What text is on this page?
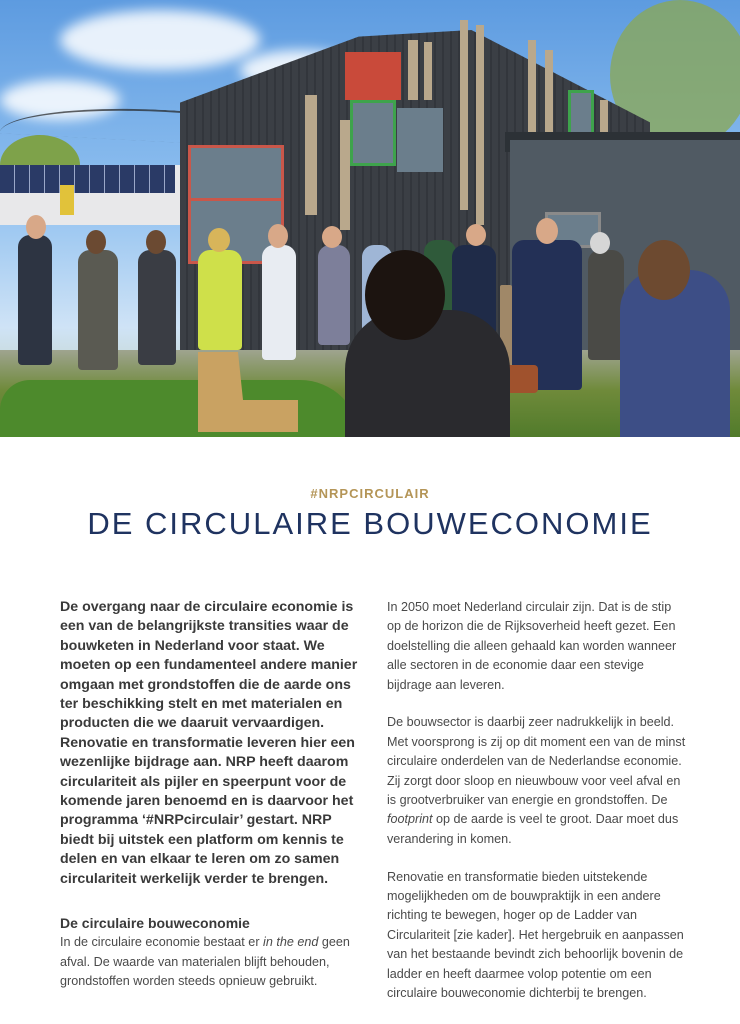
#NRPCIRCULAIR
DE CIRCULAIRE BOUWECONOMIE

De overgang naar de circulaire economie is een van de belangrijkste transities waar de bouwketen in Nederland voor staat. We moeten op een fundamenteel andere manier omgaan met grondstoffen die de aarde ons ter beschikking stelt en met materialen en producten die we daaruit vervaardigen. Renovatie en transformatie leveren hier een wezenlijke bijdrage aan. NRP heeft daarom circulariteit als pijler en speerpunt voor de komende jaren benoemd en is daarvoor het programma ‘#NRPcirculair’ gestart. NRP biedt bij uitstek een platform om kennis te delen en van elkaar te leren om zo samen circulariteit werkelijk verder te brengen.

De circulaire bouweconomie

In de circulaire economie bestaat er in the end geen afval. De waarde van materialen blijft behouden, grondstoffen worden steeds opnieuw gebruikt.

In 2050 moet Nederland circulair zijn. Dat is de stip op de horizon die de Rijksoverheid heeft gezet. Een doelstelling die alleen gehaald kan worden wanneer alle sectoren in de economie daar een stevige bijdrage aan leveren.

De bouwsector is daarbij zeer nadrukkelijk in beeld. Met voorsprong is zij op dit moment een van de minst circulaire onderdelen van de Nederlandse economie. Zij zorgt door sloop en nieuwbouw voor veel afval en is grootverbruiker van energie en grondstoffen. De footprint op de aarde is veel te groot. Daar moet dus verandering in komen.

Renovatie en transformatie bieden uitstekende mogelijkheden om de bouwpraktijk in een andere richting te bewegen, hoger op de Ladder van Circulariteit [zie kader]. Het hergebruik en aanpassen van het bestaande bevindt zich behoorlijk bovenin de ladder en heeft daarmee volop potentie om een circulaire bouweconomie dichterbij te brengen.
